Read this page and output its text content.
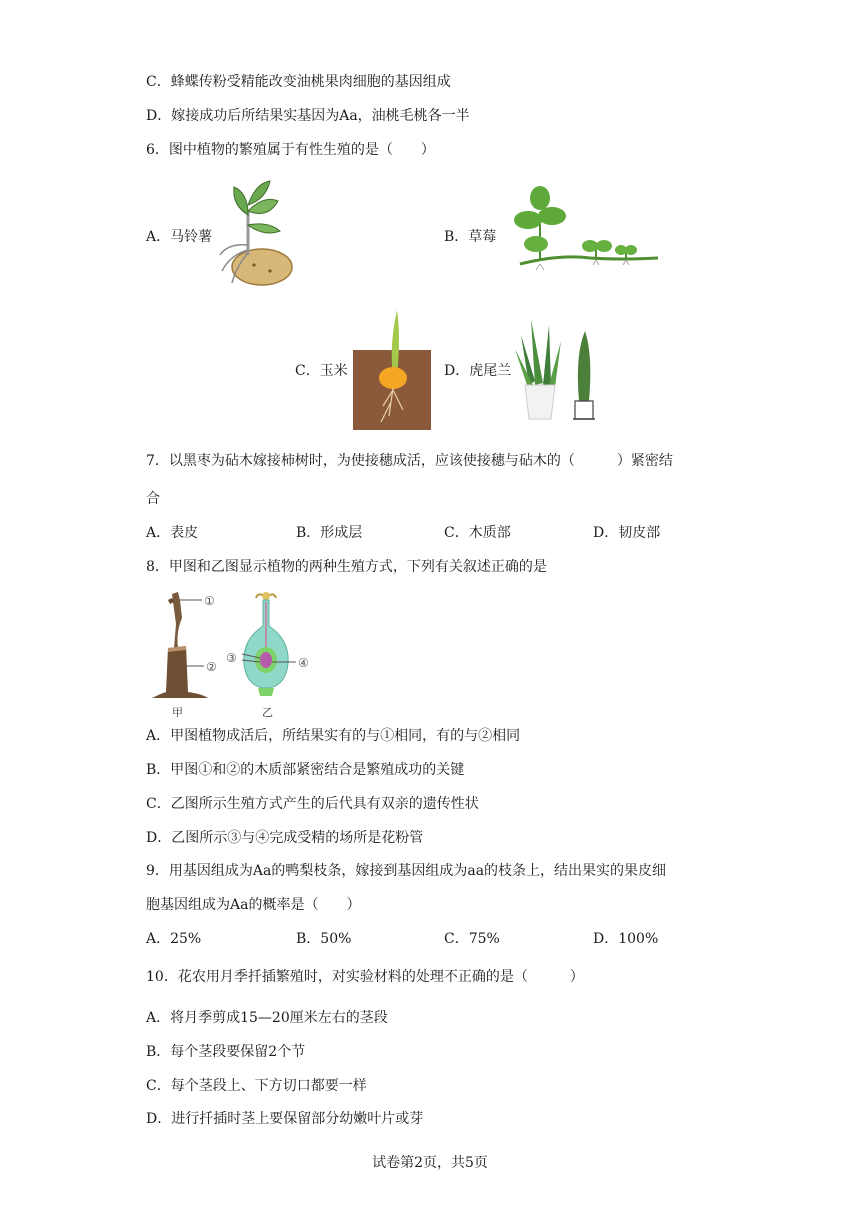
C．蜂蝶传粉受精能改变油桃果肉细胞的基因组成
D．嫁接成功后所结果实基因为Aa，油桃毛桃各一半
6．图中植物的繁殖属于有性生殖的是（　　）
A．马铃薯	B．草莓
C．玉米	D．虎尾兰
7．以黑枣为砧木嫁接柿树时，为使接穗成活，应该使接穗与砧木的（　　　）紧密结
合
A．表皮	B．形成层	C．木质部	D．韧皮部
8．甲图和乙图显示植物的两种生殖方式，下列有关叙述正确的是
①
②
甲
③	④
乙
A．甲图植物成活后，所结果实有的与①相同，有的与②相同
B．甲图①和②的木质部紧密结合是繁殖成功的关键
C．乙图所示生殖方式产生的后代具有双亲的遗传性状
D．乙图所示③与④完成受精的场所是花粉管
9．用基因组成为Aa的鸭梨枝条，嫁接到基因组成为aa的枝条上，结出果实的果皮细
胞基因组成为Aa的概率是（　　）
A．25%	B．50%	C．75%	D．100%
10．花农用月季扦插繁殖时，对实验材料的处理不正确的是（　　　）
A．将月季剪成15—20厘米左右的茎段
B．每个茎段要保留2个节
C．每个茎段上、下方切口都要一样
D．进行扦插时茎上要保留部分幼嫩叶片或芽
试卷第2页，共5页
